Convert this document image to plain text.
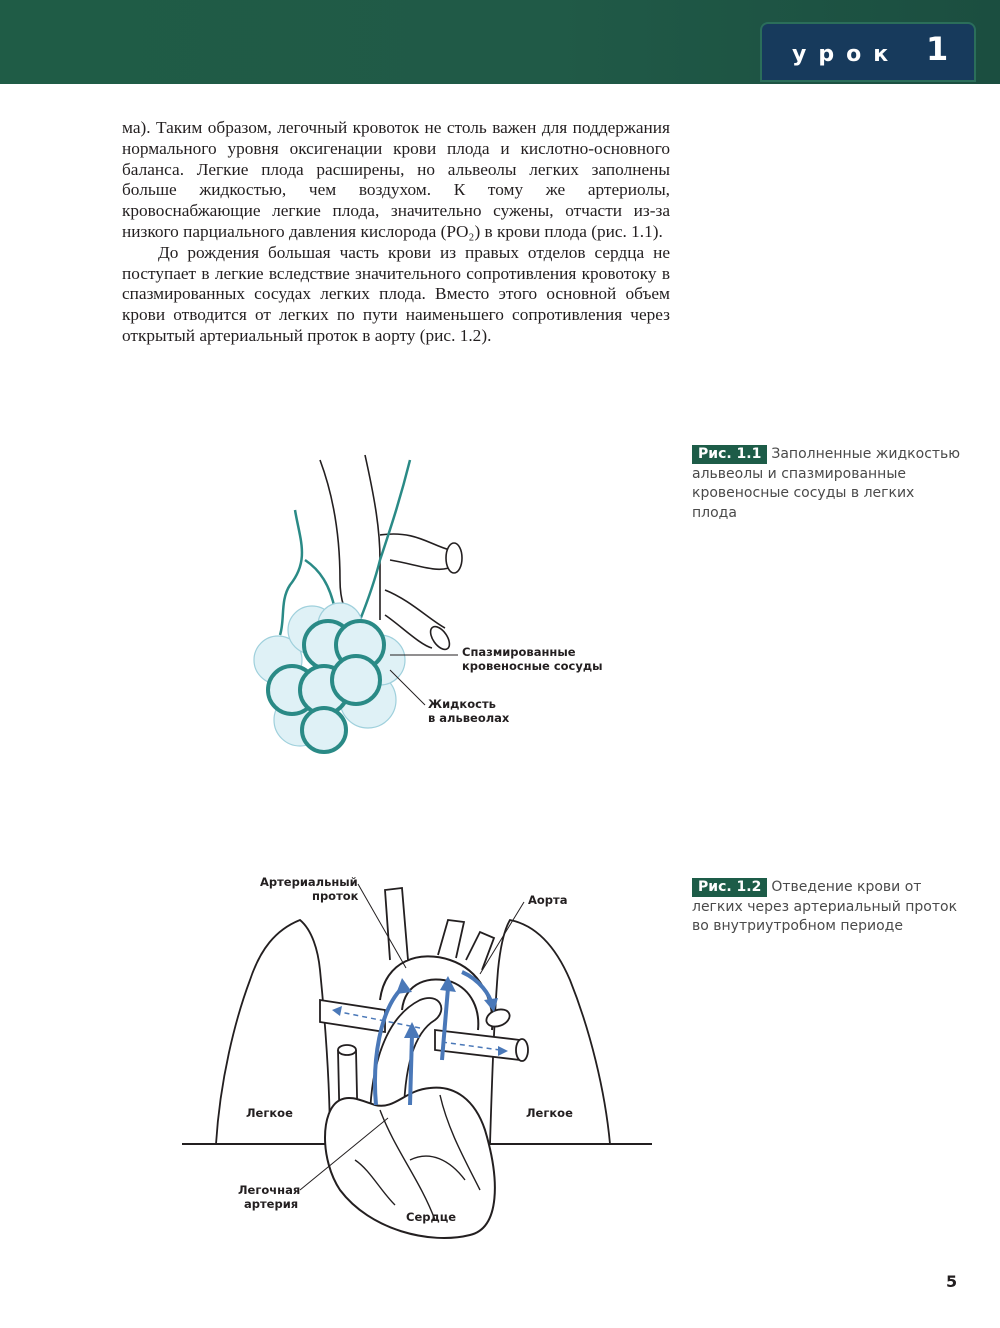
урок 1

ма). Таким образом, легочный кровоток не столь важен для поддержания нормального уровня оксигенации крови плода и кислотно-основного баланса. Легкие плода расширены, но альвеолы легких заполнены больше жидкостью, чем воздухом. К тому же артериолы, кровоснабжающие легкие плода, значительно сужены, отчасти из-за низкого парциального давления кислорода (PO₂) в крови плода (рис. 1.1).

До рождения большая часть крови из правых отделов сердца не поступает в легкие вследствие значительного сопротивления кровотоку в спазмированных сосудах легких плода. Вместо этого основной объем крови отводится от легких по пути наименьшего сопротивления через открытый артериальный проток в аорту (рис. 1.2).

Спазмированные
кровеносные сосуды
Жидкость
в альвеолах

Рис. 1.1 Заполненные жидкостью альвеолы и спазмированные кровеносные сосуды в легких плода

Артериальный
проток	Аорта
Легкое	Легкое
Легочная
артерия
Сердце

Рис. 1.2 Отведение крови от легких через артериальный проток во внутриутробном периоде

5
